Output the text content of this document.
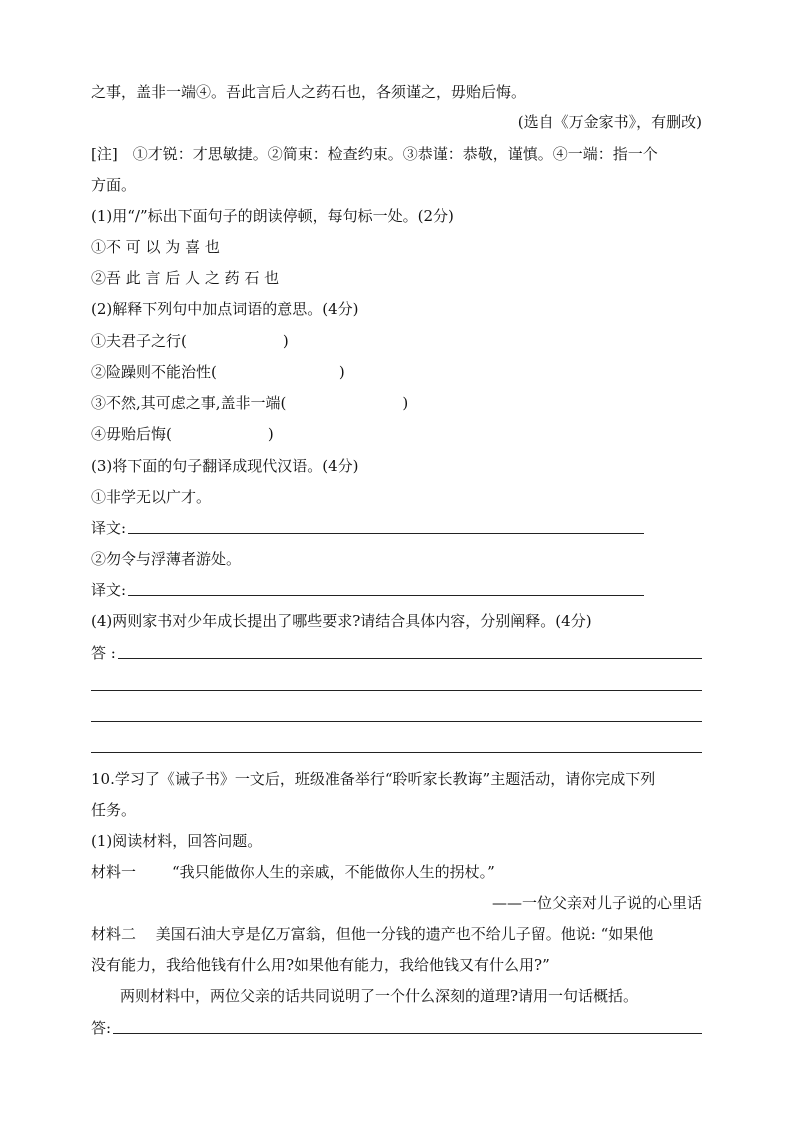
之事，盖非一端④。吾此言后人之药石也，各须谨之，毋贻后悔。
(选自《万金家书》，有删改)
[注]　①才锐：才思敏捷。②简束：检查约束。③恭谨：恭敬，谨慎。④一端：指一个
方面。
(1)用“/”标出下面句子的朗读停顿，每句标一处。(2分)
①不 可 以 为 喜 也
②吾 此 言 后 人 之 药 石 也
(2)解释下列句中加点词语的意思。(4分)
①夫君子之行(	)
②险躁则不能治性(	)
③不然,其可虑之事,盖非一端(	)
④毋贻后悔(	)
(3)将下面的句子翻译成现代汉语。(4分)
①非学无以广才。
译文:
②勿令与浮薄者游处。
译文:
(4)两则家书对少年成长提出了哪些要求?请结合具体内容，分别阐释。(4分)
答 :
10.学习了《诫子书》一文后，班级准备举行“聆听家长教诲”主题活动，请你完成下列
任务。
(1)阅读材料，回答问题。
材料一 “我只能做你人生的亲戚，不能做你人生的拐杖。”
——一位父亲对儿子说的心里话
材料二　 美国石油大亨是亿万富翁，但他一分钱的遗产也不给儿子留。他说: “如果他
没有能力，我给他钱有什么用?如果他有能力，我给他钱又有什么用?”
两则材料中，两位父亲的话共同说明了一个什么深刻的道理?请用一句话概括。
答:
